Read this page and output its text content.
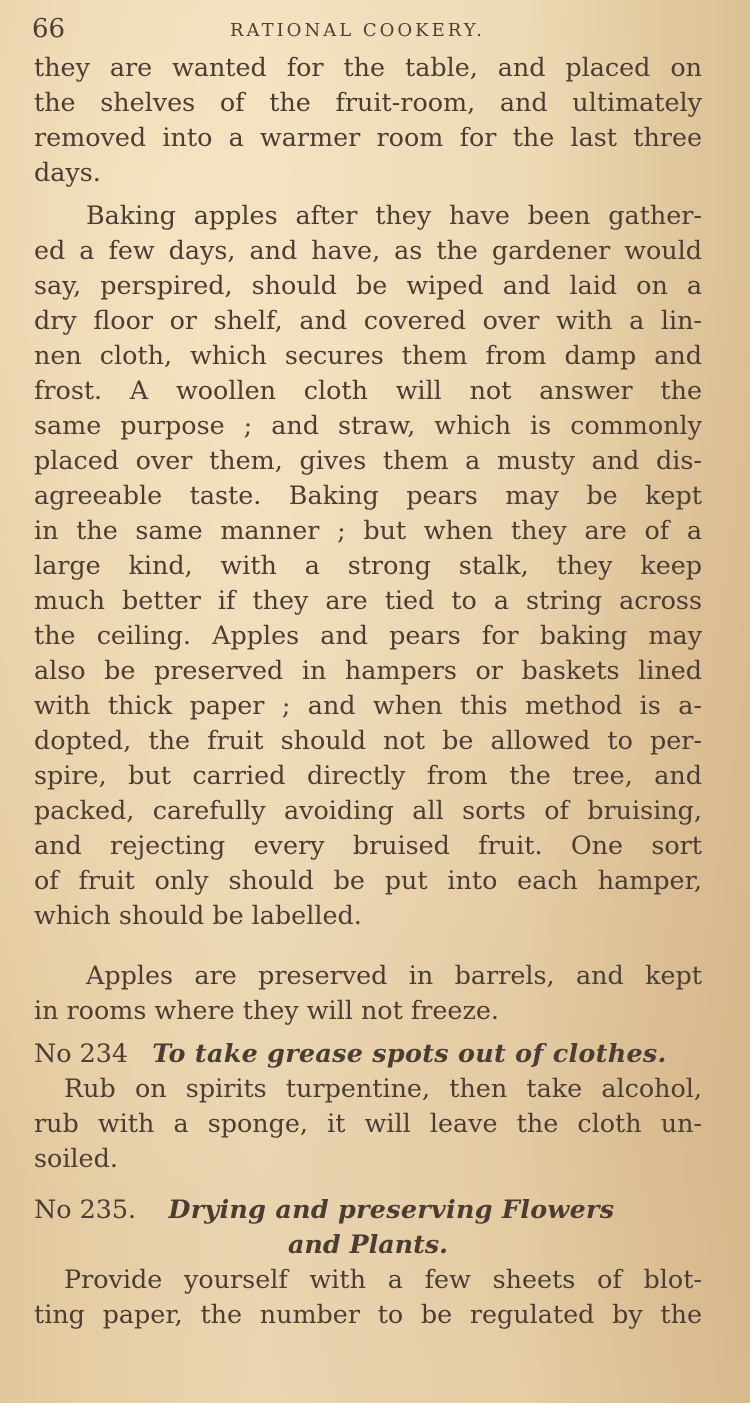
66	RATIONAL COOKERY.
they are wanted for the table, and placed on
the shelves of the fruit-room, and ultimately
removed into a warmer room for the last three
days.
Baking apples after they have been gather-
ed a few days, and have, as the gardener would
say, perspired, should be wiped and laid on a
dry floor or shelf, and covered over with a lin-
nen cloth, which secures them from damp and
frost. A woollen cloth will not answer the
same purpose ; and straw, which is commonly
placed over them, gives them a musty and dis-
agreeable taste. Baking pears may be kept
in the same manner ; but when they are of a
large kind, with a strong stalk, they keep
much better if they are tied to a string across
the ceiling. Apples and pears for baking may
also be preserved in hampers or baskets lined
with thick paper ; and when this method is a-
dopted, the fruit should not be allowed to per-
spire, but carried directly from the tree, and
packed, carefully avoiding all sorts of bruising,
and rejecting every bruised fruit. One sort
of fruit only should be put into each hamper,
which should be labelled.
Apples are preserved in barrels, and kept
in rooms where they will not freeze.
No 234 To take grease spots out of clothes.
Rub on spirits turpentine, then take alcohol,
rub with a sponge, it will leave the cloth un-
soiled.
No 235. Drying and preserving Flowers
and Plants.
Provide yourself with a few sheets of blot-
ting paper, the number to be regulated by the
